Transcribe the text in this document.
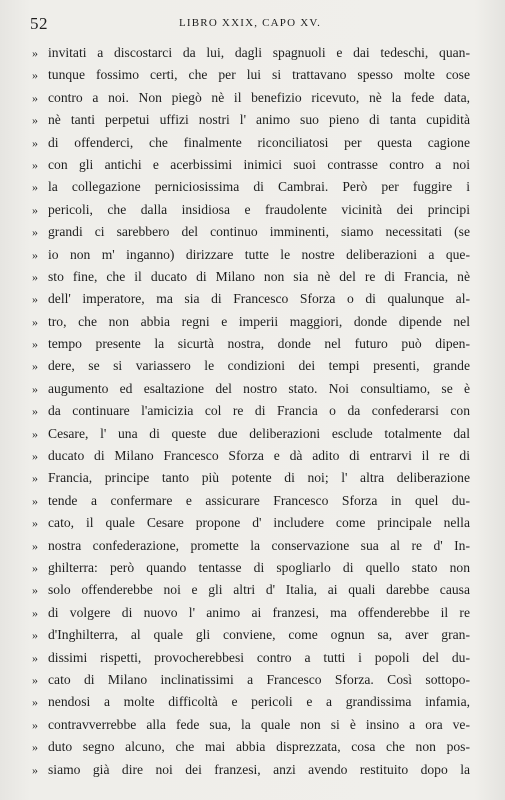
52	LIBRO XXIX, CAPO XV.
» invitati a discostarci da lui, dagli spagnuoli e dai tedeschi, quan-
» tunque fossimo certi, che per lui si trattavano spesso molte cose
» contro a noi. Non piegò nè il benefizio ricevuto, nè la fede data,
» nè tanti perpetui uffizi nostri l' animo suo pieno di tanta cupidità
» di offenderci, che finalmente riconciliatosi per questa cagione
» con gli antichi e acerbissimi inimici suoi contrasse contro a noi
» la collegazione perniciosissima di Cambrai. Però per fuggire i
» pericoli, che dalla insidiosa e fraudolente vicinità dei principi
» grandi ci sarebbero del continuo imminenti, siamo necessitati (se
» io non m' inganno) dirizzare tutte le nostre deliberazioni a que-
» sto fine, che il ducato di Milano non sia nè del re di Francia, nè
» dell' imperatore, ma sia di Francesco Sforza o di qualunque al-
» tro, che non abbia regni e imperii maggiori, donde dipende nel
» tempo presente la sicurtà nostra, donde nel futuro può dipen-
» dere, se si variassero le condizioni dei tempi presenti, grande
» augumento ed esaltazione del nostro stato. Noi consultiamo, se è
» da continuare l'amicizia col re di Francia o da confederarsi con
» Cesare, l' una di queste due deliberazioni esclude totalmente dal
» ducato di Milano Francesco Sforza e dà adito di entrarvi il re di
» Francia, principe tanto più potente di noi; l' altra deliberazione
» tende a confermare e assicurare Francesco Sforza in quel du-
» cato, il quale Cesare propone d' includere come principale nella
» nostra confederazione, promette la conservazione sua al re d' In-
» ghilterra: però quando tentasse di spogliarlo di quello stato non
» solo offenderebbe noi e gli altri d' Italia, ai quali darebbe causa
» di volgere di nuovo l' animo ai franzesi, ma offenderebbe il re
» d'Inghilterra, al quale gli conviene, come ognun sa, aver gran-
» dissimi rispetti, provocherebbesi contro a tutti i popoli del du-
» cato di Milano inclinatissimi a Francesco Sforza. Così sottopo-
» nendosi a molte difficoltà e pericoli e a grandissima infamia,
» contravverrebbe alla fede sua, la quale non si è insino a ora ve-
» duto segno alcuno, che mai abbia disprezzata, cosa che non pos-
» siamo già dire noi dei franzesi, anzi avendo restituito dopo la
